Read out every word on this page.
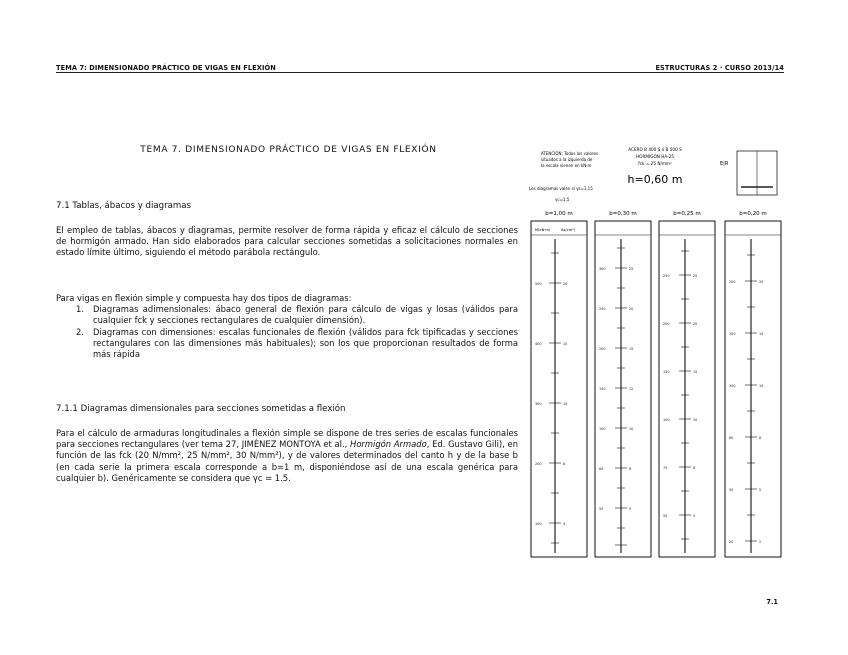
TEMA 7: DIMENSIONADO PRÁCTICO DE VIGAS EN FLEXIÓN	ESTRUCTURAS 2 · CURSO 2013/14
TEMA 7. DIMENSIONADO PRÁCTICO DE VIGAS EN FLEXIÓN
7.1 Tablas, ábacos y diagramas

El empleo de tablas, ábacos y diagramas, permite resolver de forma rápida y eficaz el cálculo de secciones de hormigón armado. Han sido elaborados para calcular secciones sometidas a solicitaciones normales en estado límite último, siguiendo el método parábola rectángulo.

Para vigas en flexión simple y compuesta hay dos tipos de diagramas:

1. Diagramas adimensionales: ábaco general de flexión para cálculo de vigas y losas (válidos para cualquier fck y secciones rectangulares de cualquier dimensión).
2. Diagramas con dimensiones: escalas funcionales de flexión (válidos para fck tipificadas y secciones rectangulares con las dimensiones más habituales); son los que proporcionan resultados de forma más rápida
7.1.1 Diagramas dimensionales para secciones sometidas a flexión

Para el cálculo de armaduras longitudinales a flexión simple se dispone de tres series de escalas funcionales para secciones rectangulares (ver tema 27, JIMÉNEZ MONTOYA et al., Hormigón Armado, Ed. Gustavo Gili), en función de las fck (20 N/mm², 25 N/mm², 30 N/mm²), y de valores determinados del canto h y de la base b (en cada serie la primera escala corresponde a b=1 m, disponiéndose así de una escala genérica para cualquier b). Genéricamente se considera que γc = 1.5.

ATENCIÓN: Todos los valores
situados a la izquierda de
la escala vienen en kN·m
Los diagramas valen si γs=1,15
γc=1,5
ACERO B 400 S ó B 500 S
HORMIGÓN HA-25
fck = 25 N/mm²
h=0,60 m
E|R
b=1,00 m	b=0,30 m	b=0,25 m	b=0,20 m
M(kN·m)	As(cm²)
500	20
400	15
300	10
200	8
100	4
300	25
250	20
200	15
150	12
100	10
80	8
50	5
250	25
200	20
150	15
100	10
75	8
50	5
200	20
150	15
100	10
80	8
50	5
20	2
7.1
